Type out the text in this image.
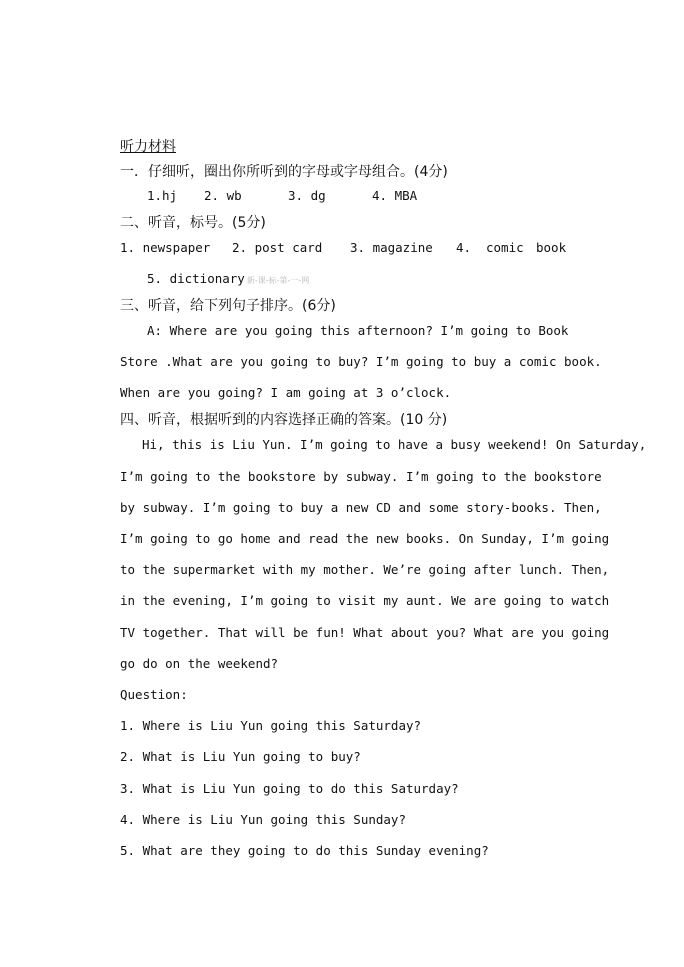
听力材料
一．仔细听，圈出你所听到的字母或字母组合。(4分)
1.hj 2. wb	3. dg	4. MBA
二、听音，标号。(5分)
1. newspaper 2. post card 3. magazine 4. comic book
5. dictionary 新-课-标-第-一-网
三、听音，给下列句子排序。(6分)
A: Where are you going this afternoon? I’m going to Book
Store .What are you going to buy? I’m going to buy a comic book.
When are you going? I am going at 3 o’clock.
四、听音，根据听到的内容选择正确的答案。(10 分)
Hi, this is Liu Yun. I’m going to have a busy weekend! On Saturday,
I’m going to the bookstore by subway. I’m going to the bookstore
by subway. I’m going to buy a new CD and some story-books. Then,
I’m going to go home and read the new books. On Sunday, I’m going
to the supermarket with my mother. We’re going after lunch. Then,
in the evening, I’m going to visit my aunt. We are going to watch
TV together. That will be fun! What about you? What are you going
go do on the weekend?
Question:
1. Where is Liu Yun going this Saturday?
2. What is Liu Yun going to buy?
3. What is Liu Yun going to do this Saturday?
4. Where is Liu Yun going this Sunday?
5. What are they going to do this Sunday evening?
